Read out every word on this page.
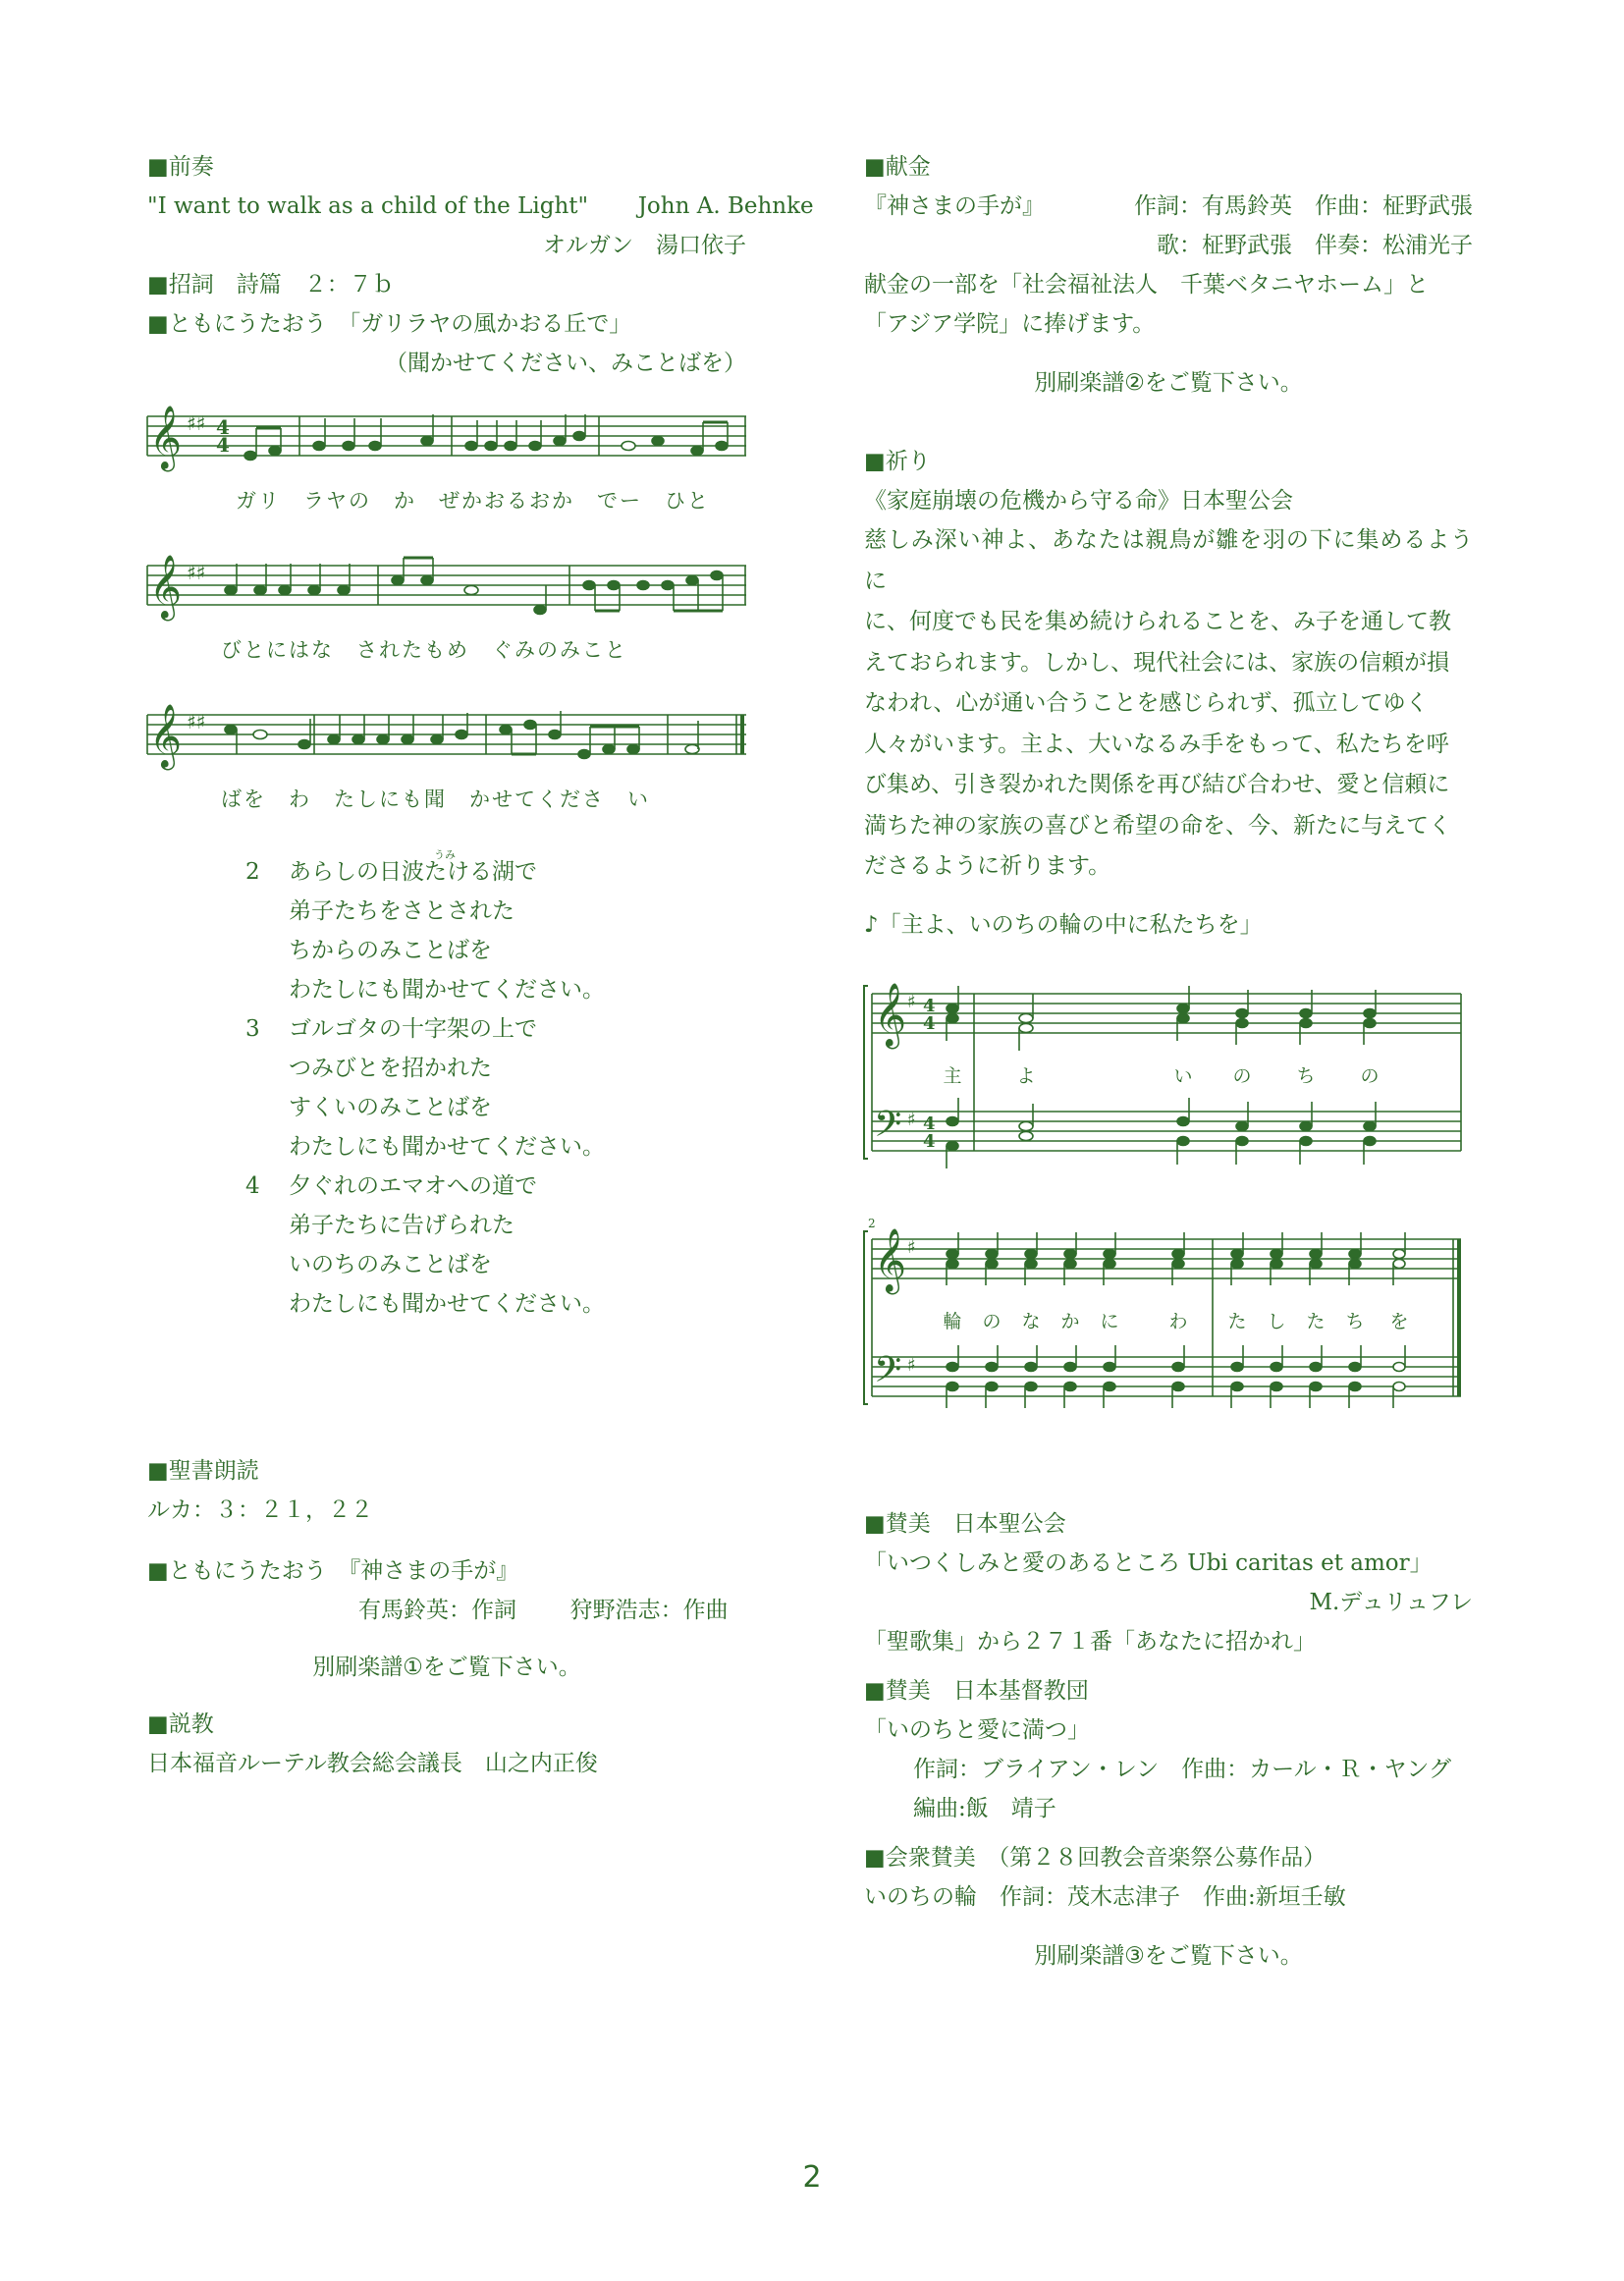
■前奏
"I want to walk as a child of the Light" John A. Behnke
オルガン　湯口依子
■招詞　詩篇　２：７ｂ
■ともにうたおう　「ガリラヤの風かおる丘で」
（聞かせてください、みことばを）
𝄞 ♯♯ 4
4
ガリ　ラヤの　か　ぜかおるおか　でー　ひと
𝄞 ♯♯
びとにはな　されたもめ　ぐみのみこと
𝄞 ♯♯
ばを　わ　たしにも聞　かせてくださ　い
うみ
2 あらしの日波たける湖で
弟子たちをさとされた
ちからのみことばを
わたしにも聞かせてください。
3 ゴルゴタの十字架の上で
つみびとを招かれた
すくいのみことばを
わたしにも聞かせてください。
4 夕ぐれのエマオへの道で
弟子たちに告げられた
いのちのみことばを
わたしにも聞かせてください。
■聖書朗読
ルカ：３：２１，２２
■ともにうたおう　『神さまの手が』
有馬鈴英：作詞 狩野浩志：作曲
別刷楽譜①をご覧下さい。
■説教
日本福音ルーテル教会総会議長　山之内正俊
■献金
『神さまの手が』	作詞：有馬鈴英　作曲：柾野武張
歌：柾野武張　伴奏：松浦光子
献金の一部を「社会福祉法人　千葉ベタニヤホーム」と
「アジア学院」に捧げます。
別刷楽譜②をご覧下さい。
■祈り
《家庭崩壊の危機から守る命》日本聖公会

慈しみ深い神よ、あなたは親鳥が雛を羽の下に集めるように

に、何度でも民を集め続けられることを、み子を通して教

えておられます。しかし、現代社会には、家族の信頼が損

なわれ、心が通い合うことを感じられず、孤立してゆく

人々がいます。主よ、大いなるみ手をもって、私たちを呼

び集め、引き裂かれた関係を再び結び合わせ、愛と信頼に

満ちた神の家族の喜びと希望の命を、今、新たに与えてく

ださるように祈ります。

♪「主よ、いのちの輪の中に私たちを」
𝄞
𝄢
♯
♯
4
4
4
4
主	よ	い の ち の
2
𝄞
𝄢
♯
♯
輪 の な か に	わ た し た ち を
■賛美　日本聖公会
「いつくしみと愛のあるところ Ubi caritas et amor」
M.デュリュフレ
「聖歌集」から２７１番「あなたに招かれ」
■賛美　日本基督教団
「いのちと愛に満つ」
作詞：ブライアン・レン　作曲：カール・Ｒ・ヤング
編曲:飯　靖子
■会衆賛美　（第２８回教会音楽祭公募作品）
いのちの輪　作詞：茂木志津子　作曲:新垣壬敏
別刷楽譜③をご覧下さい。
2
